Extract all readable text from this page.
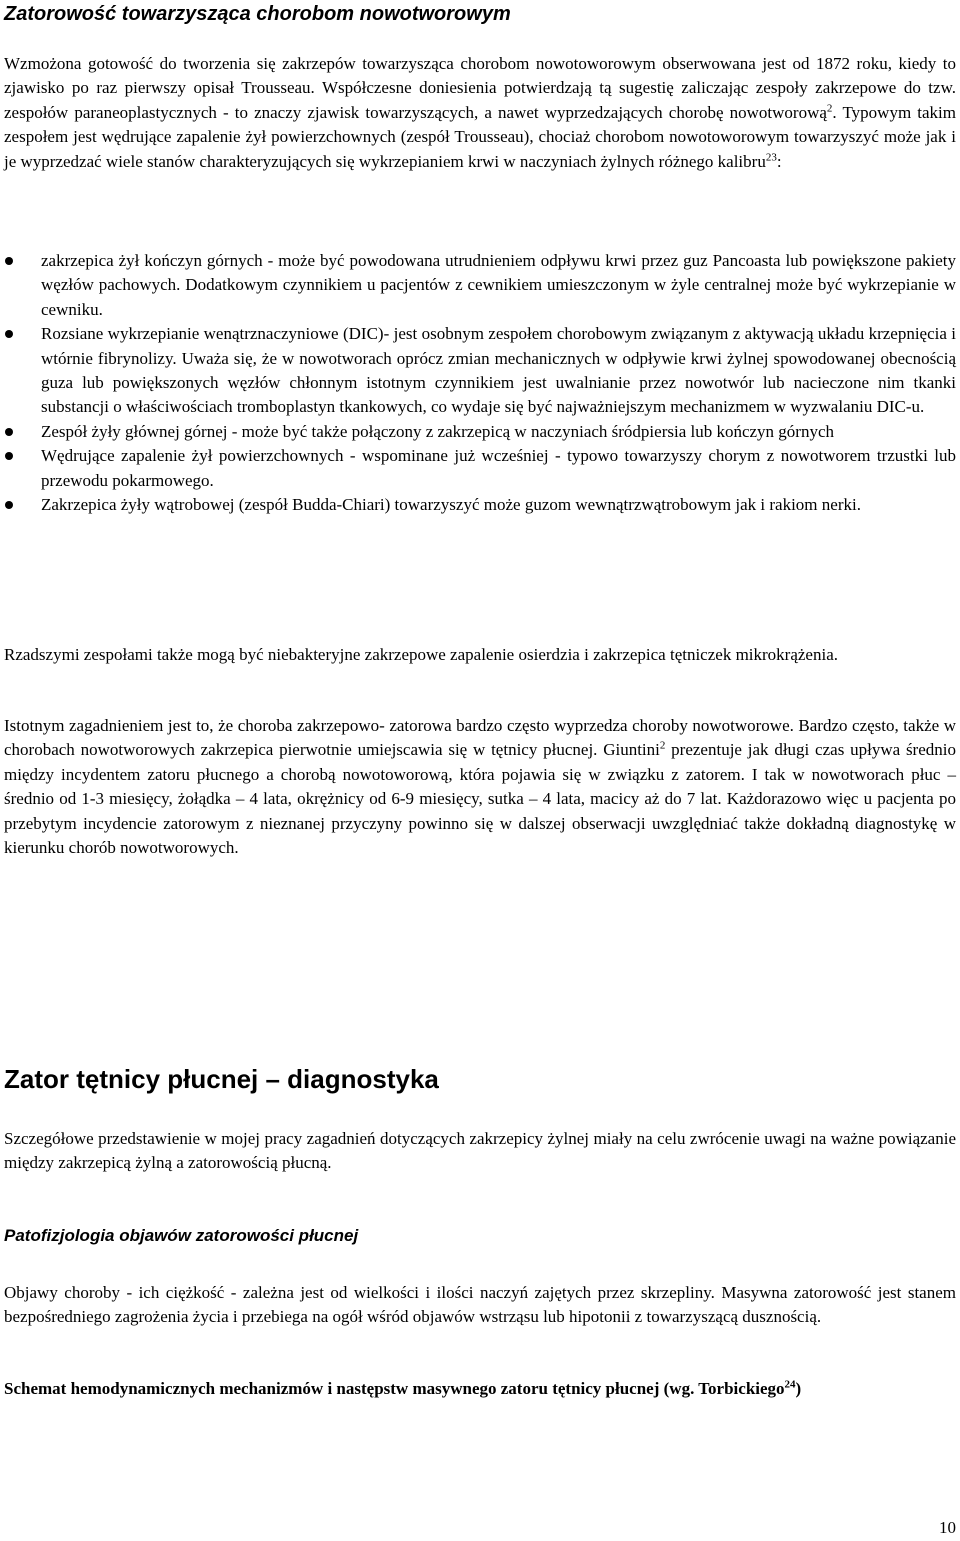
Zatorowość towarzysząca chorobom nowotworowym

Wzmożona gotowość do tworzenia się zakrzepów towarzysząca chorobom nowotoworowym obserwowana jest od 1872 roku, kiedy to zjawisko po raz pierwszy opisał Trousseau. Współczesne doniesienia potwierdzają tą sugestię zaliczając zespoły zakrzepowe do tzw. zespołów paraneoplastycznych - to znaczy zjawisk towarzyszących, a nawet wyprzedzających chorobę nowotworową$^2$. Typowym takim zespołem jest wędrujące zapalenie żył powierzchownych (zespół Trousseau), chociaż chorobom nowotoworowym towarzyszyć może jak i je wyprzedzać wiele stanów charakteryzujących się wykrzepianiem krwi w naczyniach żylnych różnego kalibru$^{23}$:

zakrzepica żył kończyn górnych - może być powodowana utrudnieniem odpływu krwi przez guz Pancoasta lub powiększone pakiety węzłów pachowych. Dodatkowym czynnikiem u pacjentów z cewnikiem umieszczonym w żyle centralnej może być wykrzepianie w cewniku.
Rozsiane wykrzepianie wenątrznaczyniowe (DIC)- jest osobnym zespołem chorobowym związanym z aktywacją układu krzepnięcia i wtórnie fibrynolizy. Uważa się, że w nowotworach oprócz zmian mechanicznych w odpływie krwi żylnej spowodowanej obecnością guza lub powiększonych węzłów chłonnym istotnym czynnikiem jest uwalnianie przez nowotwór lub nacieczone nim tkanki substancji o właściwościach tromboplastyn tkankowych, co wydaje się być najważniejszym mechanizmem w wyzwalaniu DIC-u.
Zespół żyły głównej górnej - może być także połączony z zakrzepicą w naczyniach śródpiersia lub kończyn górnych
Wędrujące zapalenie żył powierzchownych - wspominane już wcześniej - typowo towarzyszy chorym z nowotworem trzustki lub przewodu pokarmowego.
Zakrzepica żyły wątrobowej (zespół Budda-Chiari) towarzyszyć może guzom wewnątrzwątrobowym jak i rakiom nerki.

Rzadszymi zespołami także mogą być niebakteryjne zakrzepowe zapalenie osierdzia i zakrzepica tętniczek mikrokrążenia.

Istotnym zagadnieniem jest to, że choroba zakrzepowo- zatorowa bardzo często wyprzedza choroby nowotworowe. Bardzo często, także w chorobach nowotworowych zakrzepica pierwotnie umiejscawia się w tętnicy płucnej. Giuntini$^2$ prezentuje jak długi czas upływa średnio między incydentem zatoru płucnego a chorobą nowotoworową, która pojawia się w związku z zatorem. I tak w nowotworach płuc – średnio od 1-3 miesięcy, żołądka – 4 lata, okrężnicy od 6-9 miesięcy, sutka – 4 lata, macicy aż do 7 lat. Każdorazowo więc u pacjenta po przebytym incydencie zatorowym z nieznanej przyczyny powinno się w dalszej obserwacji uwzględniać także dokładną diagnostykę w kierunku chorób nowotworowych.

Zator tętnicy płucnej – diagnostyka

Szczegółowe przedstawienie w mojej pracy zagadnień dotyczących zakrzepicy żylnej miały na celu zwrócenie uwagi na ważne powiązanie między zakrzepicą żylną a zatorowością płucną.

Patofizjologia objawów zatorowości płucnej

Objawy choroby - ich ciężkość - zależna jest od wielkości i ilości naczyń zajętych przez skrzepliny. Masywna zatorowość jest stanem bezpośredniego zagrożenia życia i przebiega na ogół wśród objawów wstrząsu lub hipotonii z towarzyszącą dusznością.

Schemat hemodynamicznych mechanizmów i następstw masywnego zatoru tętnicy płucnej (wg. Torbickiego$^{24}$)

10
